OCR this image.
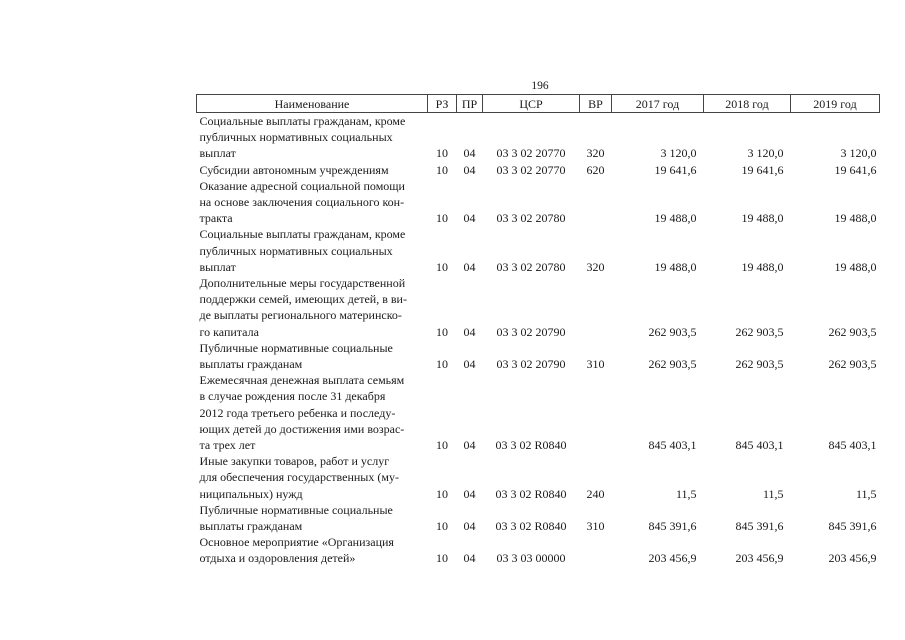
196
Наименование	РЗ	ПР	ЦСР	ВР	2017 год	2018 год	2019 год

Социальные выплаты гражданам, кроме
публичных нормативных социальных
выплат	10	04	03 3 02 20770	320	3 120,0	3 120,0	3 120,0

Субсидии автономным учреждениям	10	04	03 3 02 20770	620	19 641,6	19 641,6	19 641,6

Оказание адресной социальной помощи
на основе заключения социального кон-
тракта	10	04	03 3 02 20780		19 488,0	19 488,0	19 488,0

Социальные выплаты гражданам, кроме
публичных нормативных социальных
выплат	10	04	03 3 02 20780	320	19 488,0	19 488,0	19 488,0

Дополнительные меры государственной
поддержки семей, имеющих детей, в ви-
де выплаты регионального материнско-
го капитала	10	04	03 3 02 20790		262 903,5	262 903,5	262 903,5

Публичные нормативные социальные
выплаты гражданам	10	04	03 3 02 20790	310	262 903,5	262 903,5	262 903,5

Ежемесячная денежная выплата семьям
в случае рождения после 31 декабря
2012 года третьего ребенка и последу-
ющих детей до достижения ими возрас-
та трех лет	10	04	03 3 02 R0840		845 403,1	845 403,1	845 403,1

Иные закупки товаров, работ и услуг
для обеспечения государственных (му-
ниципальных) нужд	10	04	03 3 02 R0840	240	11,5	11,5	11,5

Публичные нормативные социальные
выплаты гражданам	10	04	03 3 02 R0840	310	845 391,6	845 391,6	845 391,6

Основное мероприятие «Организация
отдыха и оздоровления детей»	10	04	03 3 03 00000		203 456,9	203 456,9	203 456,9
